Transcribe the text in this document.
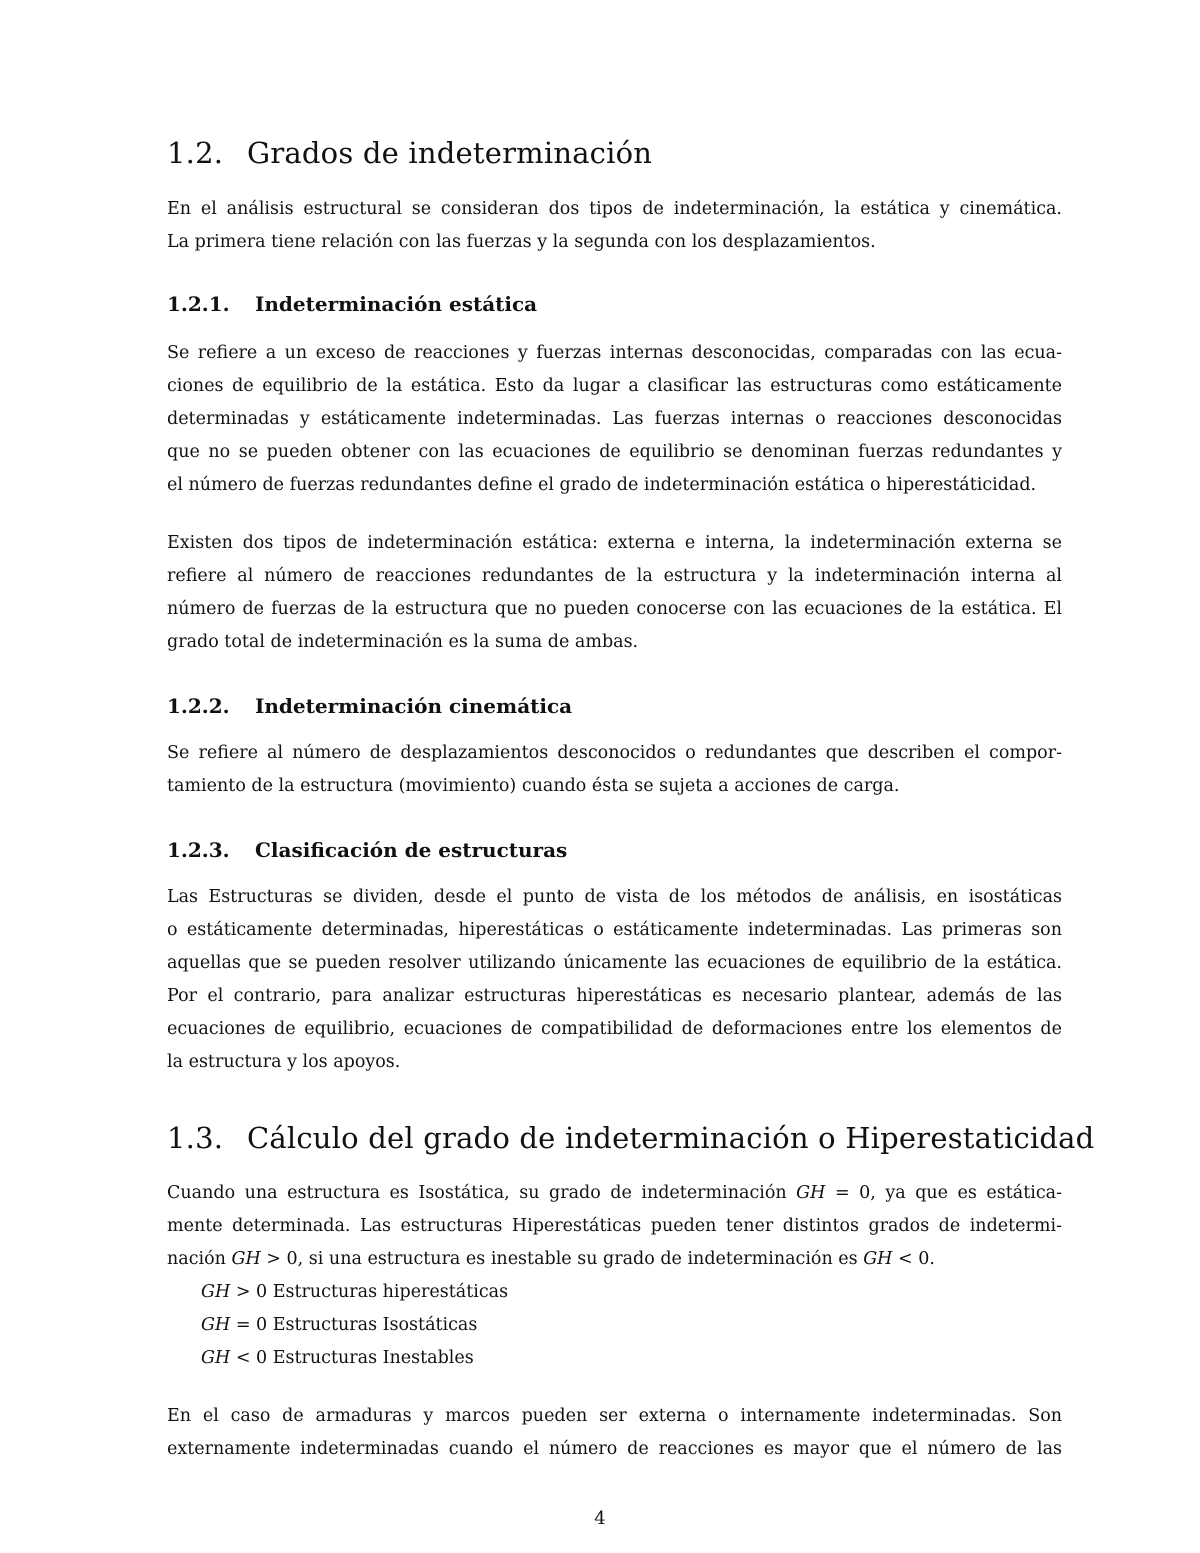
1.2. Grados de indeterminación
En el análisis estructural se consideran dos tipos de indeterminación, la estática y cinemática.
La primera tiene relación con las fuerzas y la segunda con los desplazamientos.
1.2.1. Indeterminación estática
Se refiere a un exceso de reacciones y fuerzas internas desconocidas, comparadas con las ecua-
ciones de equilibrio de la estática. Esto da lugar a clasificar las estructuras como estáticamente
determinadas y estáticamente indeterminadas. Las fuerzas internas o reacciones desconocidas
que no se pueden obtener con las ecuaciones de equilibrio se denominan fuerzas redundantes y
el número de fuerzas redundantes define el grado de indeterminación estática o hiperestáticidad.
Existen dos tipos de indeterminación estática: externa e interna, la indeterminación externa se
refiere al número de reacciones redundantes de la estructura y la indeterminación interna al
número de fuerzas de la estructura que no pueden conocerse con las ecuaciones de la estática. El
grado total de indeterminación es la suma de ambas.
1.2.2. Indeterminación cinemática
Se refiere al número de desplazamientos desconocidos o redundantes que describen el compor-
tamiento de la estructura (movimiento) cuando ésta se sujeta a acciones de carga.
1.2.3. Clasificación de estructuras
Las Estructuras se dividen, desde el punto de vista de los métodos de análisis, en isostáticas
o estáticamente determinadas, hiperestáticas o estáticamente indeterminadas. Las primeras son
aquellas que se pueden resolver utilizando únicamente las ecuaciones de equilibrio de la estática.
Por el contrario, para analizar estructuras hiperestáticas es necesario plantear, además de las
ecuaciones de equilibrio, ecuaciones de compatibilidad de deformaciones entre los elementos de
la estructura y los apoyos.
1.3. Cálculo del grado de indeterminación o Hiperestaticidad
Cuando una estructura es Isostática, su grado de indeterminación GH = 0, ya que es estática-
mente determinada. Las estructuras Hiperestáticas pueden tener distintos grados de indetermi-
nación GH > 0, si una estructura es inestable su grado de indeterminación es GH < 0.
GH > 0 Estructuras hiperestáticas
GH = 0 Estructuras Isostáticas
GH < 0 Estructuras Inestables
En el caso de armaduras y marcos pueden ser externa o internamente indeterminadas. Son
externamente indeterminadas cuando el número de reacciones es mayor que el número de las
4
